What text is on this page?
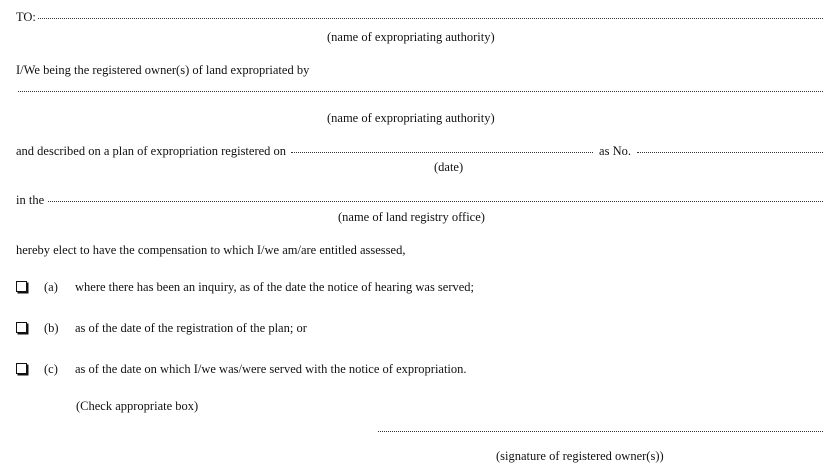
TO:
(name of expropriating authority)
I/We being the registered owner(s) of land expropriated by
(name of expropriating authority)
and described on a plan of expropriation registered on	as No.
(date)
in the
(name of land registry office)
hereby elect to have the compensation to which I/we am/are entitled assessed,
(a)	where there has been an inquiry, as of the date the notice of hearing was served;
(b)	as of the date of the registration of the plan; or
(c)	as of the date on which I/we was/were served with the notice of expropriation.
(Check appropriate box)
(signature of registered owner(s))
